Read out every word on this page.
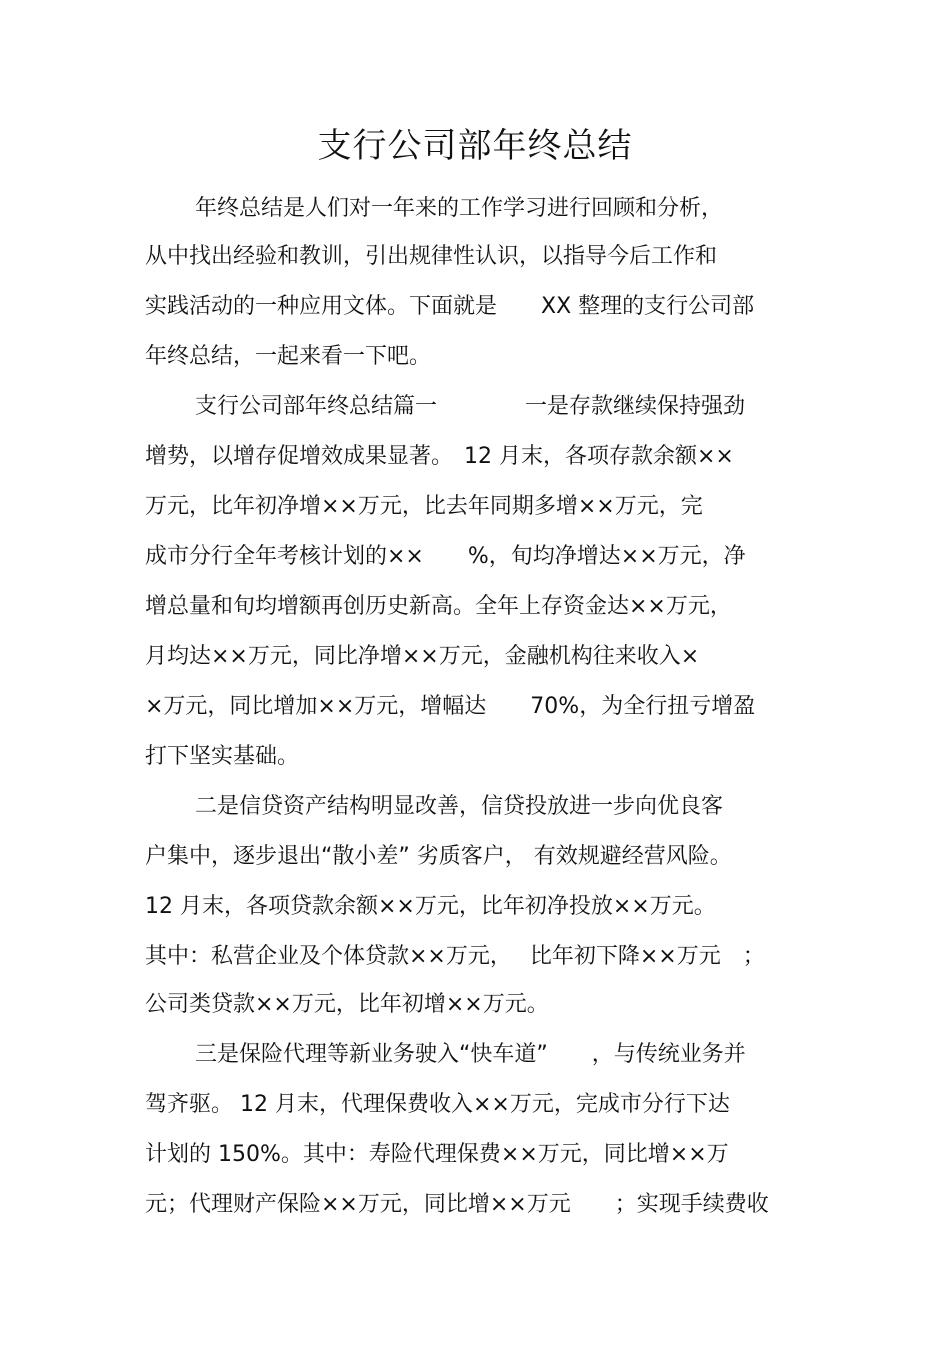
支行公司部年终总结

年终总结是人们对一年来的工作学习进行回顾和分析，

从中找出经验和教训，引出规律性认识，以指导今后工作和

实践活动的一种应用文体。下面就是　　XX 整理的支行公司部

年终总结，一起来看一下吧。

支行公司部年终总结篇一　　　　一是存款继续保持强劲

增势，以增存促增效成果显著。　12 月末，各项存款余额××

万元，比年初净增××万元，比去年同期多增××万元，完

成市分行全年考核计划的××　　%，旬均净增达××万元，净

增总量和旬均增额再创历史新高。全年上存资金达××万元，

月均达××万元，同比净增××万元，金融机构往来收入×

×万元，同比增加××万元，增幅达　　70%，为全行扭亏增盈

打下坚实基础。

二是信贷资产结构明显改善，信贷投放进一步向优良客

户集中，逐步退出“散小差” 劣质客户， 有效规避经营风险。

12 月末，各项贷款余额××万元，比年初净投放××万元。

其中：私营企业及个体贷款××万元，　 比年初下降××万元　；

公司类贷款××万元，比年初增××万元。

三是保险代理等新业务驶入“快车道”　　，与传统业务并

驾齐驱。 12 月末，代理保费收入××万元，完成市分行下达

计划的 150%。其中：寿险代理保费××万元，同比增××万

元；代理财产保险××万元，同比增××万元　　；实现手续费收
